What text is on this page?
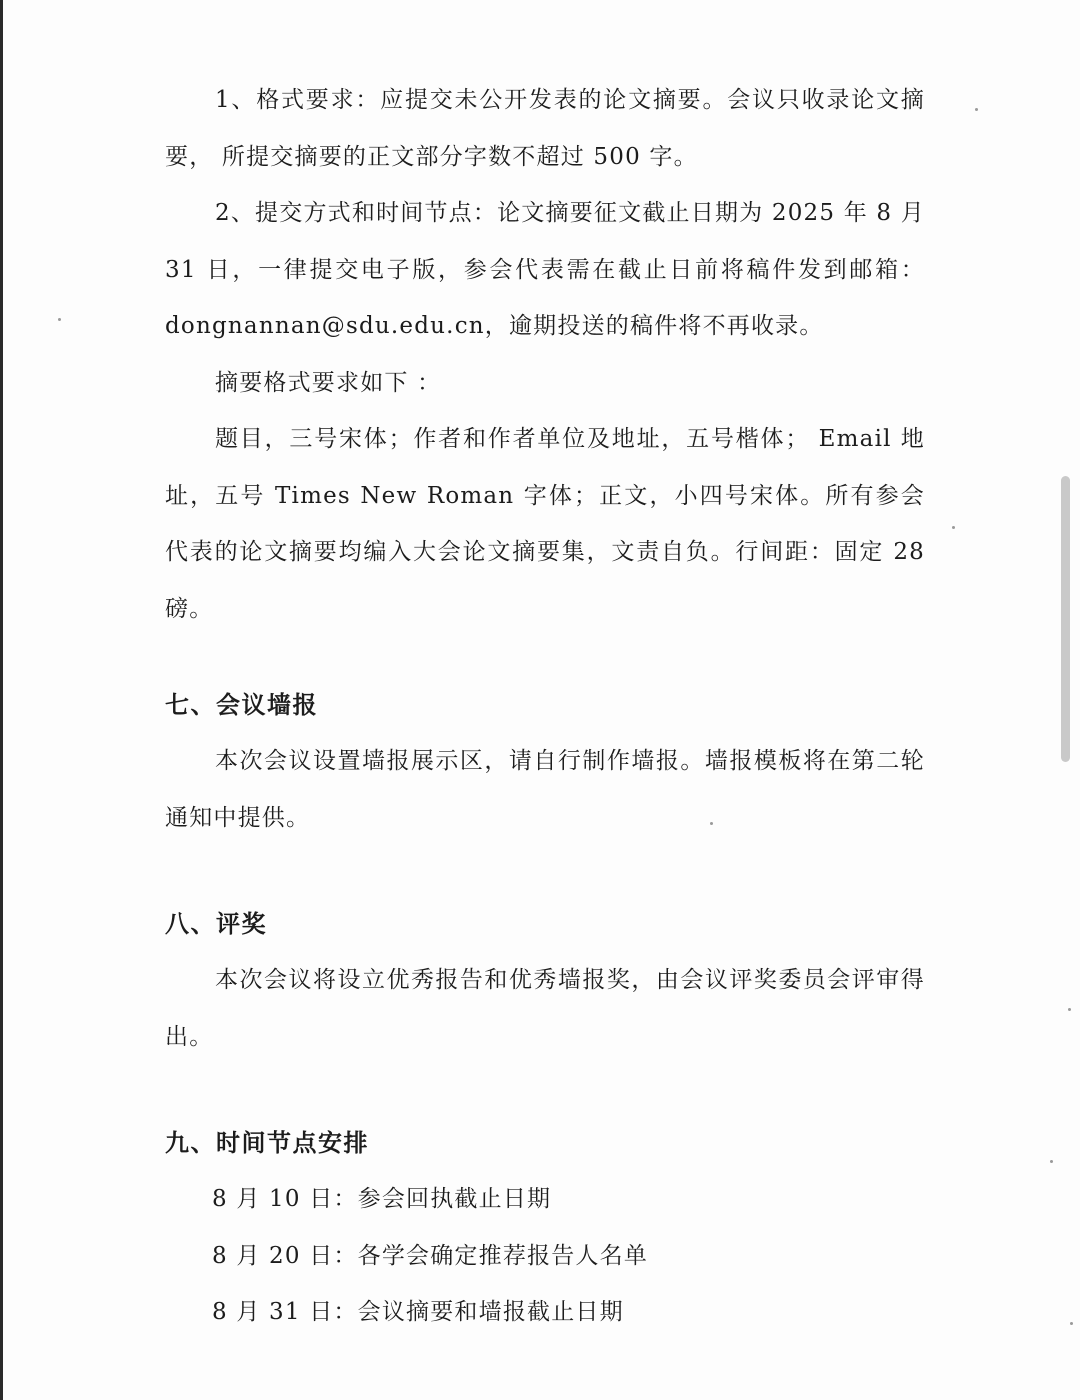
1、格式要求：应提交未公开发表的论文摘要。会议只收录论文摘要， 所提交摘要的正文部分字数不超过 500 字。

2、提交方式和时间节点：论文摘要征文截止日期为 2025 年 8 月 31 日，一律提交电子版，参会代表需在截止日前将稿件发到邮箱：dongnannan@sdu.edu.cn，逾期投送的稿件将不再收录。

摘要格式要求如下 ：

题目，三号宋体；作者和作者单位及地址，五号楷体； Email 地址，五号 Times New Roman 字体；正文，小四号宋体。所有参会代表的论文摘要均编入大会论文摘要集，文责自负。行间距：固定 28 磅。

七、会议墙报

本次会议设置墙报展示区，请自行制作墙报。墙报模板将在第二轮通知中提供。

八、评奖

本次会议将设立优秀报告和优秀墙报奖，由会议评奖委员会评审得出。

九、时间节点安排

8 月 10 日：参会回执截止日期

8 月 20 日：各学会确定推荐报告人名单

8 月 31 日：会议摘要和墙报截止日期
